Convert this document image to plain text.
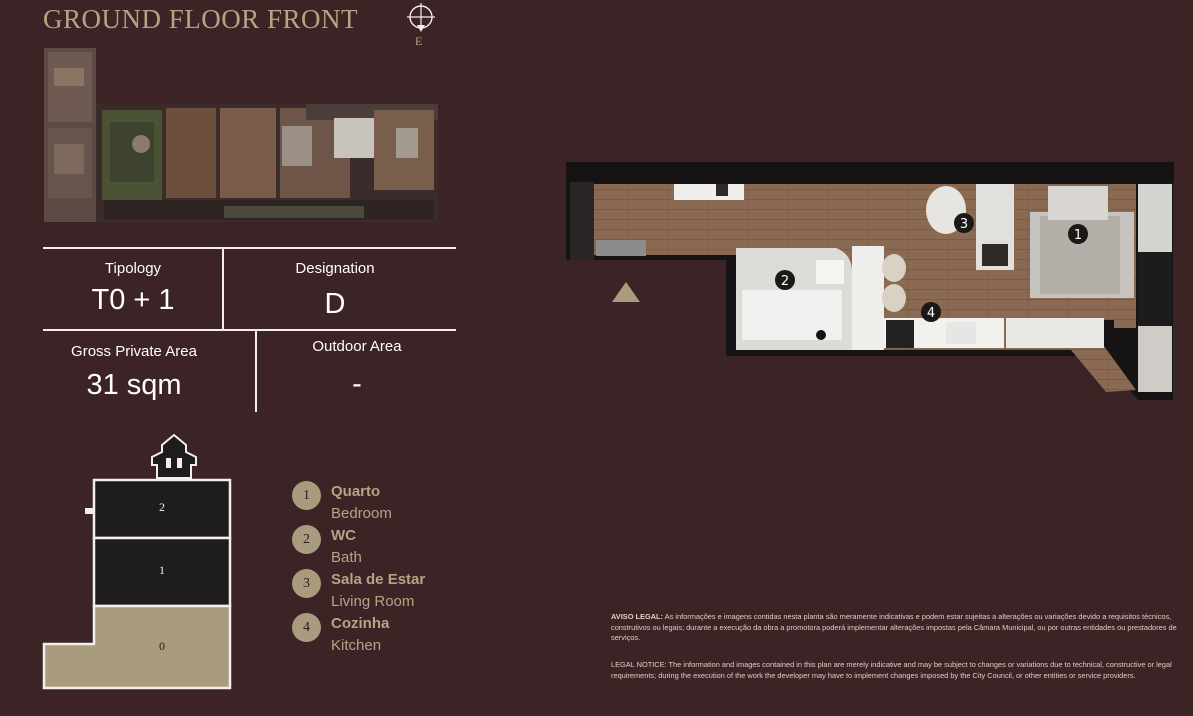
GROUND FLOOR FRONT
E
Tipology
T0 + 1
Designation
D
Gross Private Area
31 sqm
Outdoor Area
-
2
1
0
1	Quarto
Bedroom
2	WC
Bath
3	Sala de Estar
Living Room
4	Cozinha
Kitchen
1
2
3
4
AVISO LEGAL: As informações e imagens contidas nesta planta são meramente indicativas e podem estar sujeitas a alterações ou variações devido a requisitos técnicos, construtivos ou legais; durante a execução da obra a promotora poderá implementar alterações impostas pela Câmara Municipal, ou por outras entidades ou prestadores de serviços.
LEGAL NOTICE: The information and images contained in this plan are merely indicative and may be subject to changes or variations due to technical, constructive or legal requirements; during the execution of the work the developer may have to implement changes imposed by the City Council, or other entities or service providers.
